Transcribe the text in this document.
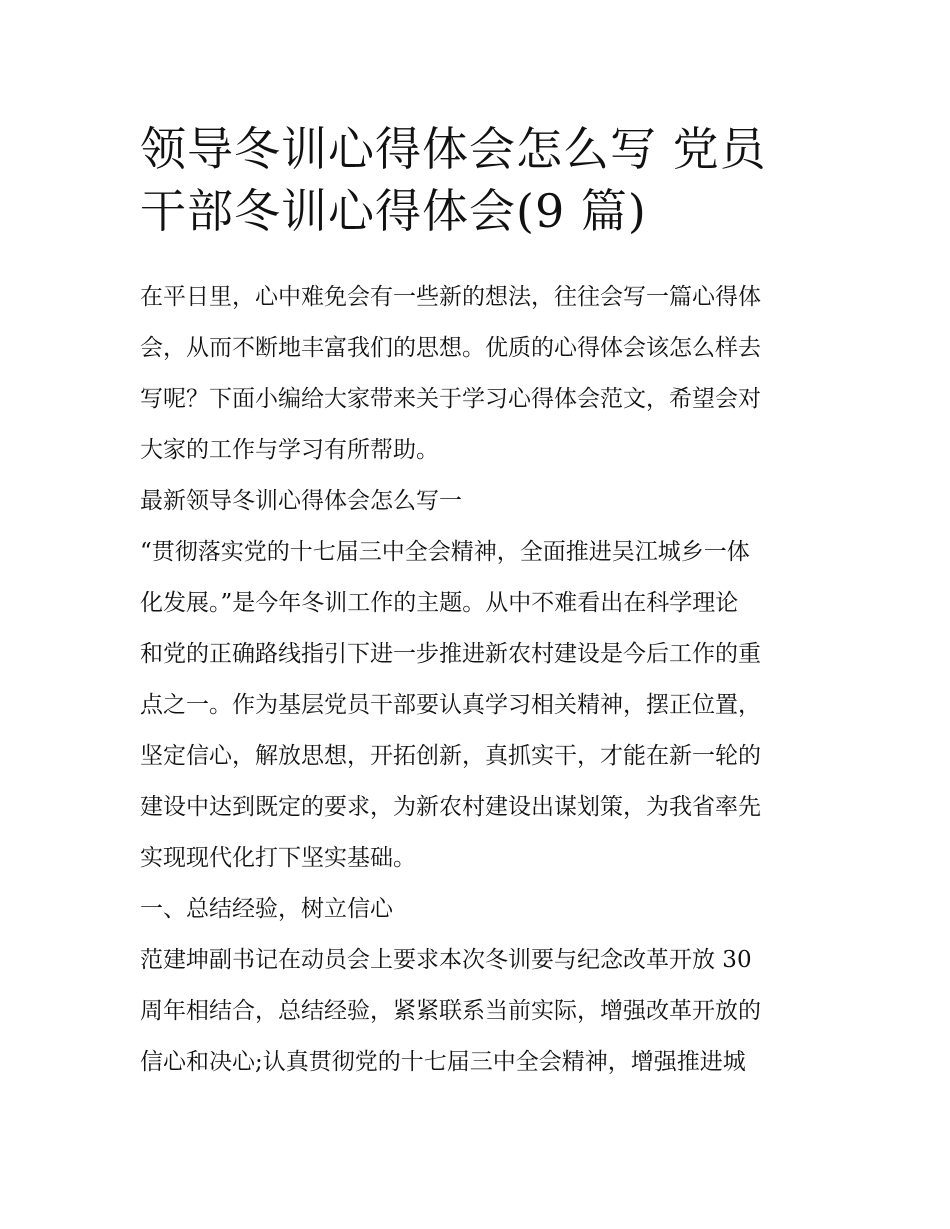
领导冬训心得体会怎么写 党员
干部冬训心得体会(9 篇)

在平日里，心中难免会有一些新的想法，往往会写一篇心得体
会，从而不断地丰富我们的思想。优质的心得体会该怎么样去
写呢？下面小编给大家带来关于学习心得体会范文，希望会对
大家的工作与学习有所帮助。

最新领导冬训心得体会怎么写一

“贯彻落实党的十七届三中全会精神，全面推进吴江城乡一体
化发展。”是今年冬训工作的主题。从中不难看出在科学理论
和党的正确路线指引下进一步推进新农村建设是今后工作的重
点之一。作为基层党员干部要认真学习相关精神，摆正位置，
坚定信心，解放思想，开拓创新，真抓实干，才能在新一轮的
建设中达到既定的要求，为新农村建设出谋划策，为我省率先
实现现代化打下坚实基础。

一、总结经验，树立信心

范建坤副书记在动员会上要求本次冬训要与纪念改革开放 30
周年相结合，总结经验，紧紧联系当前实际，增强改革开放的
信心和决心;认真贯彻党的十七届三中全会精神，增强推进城
